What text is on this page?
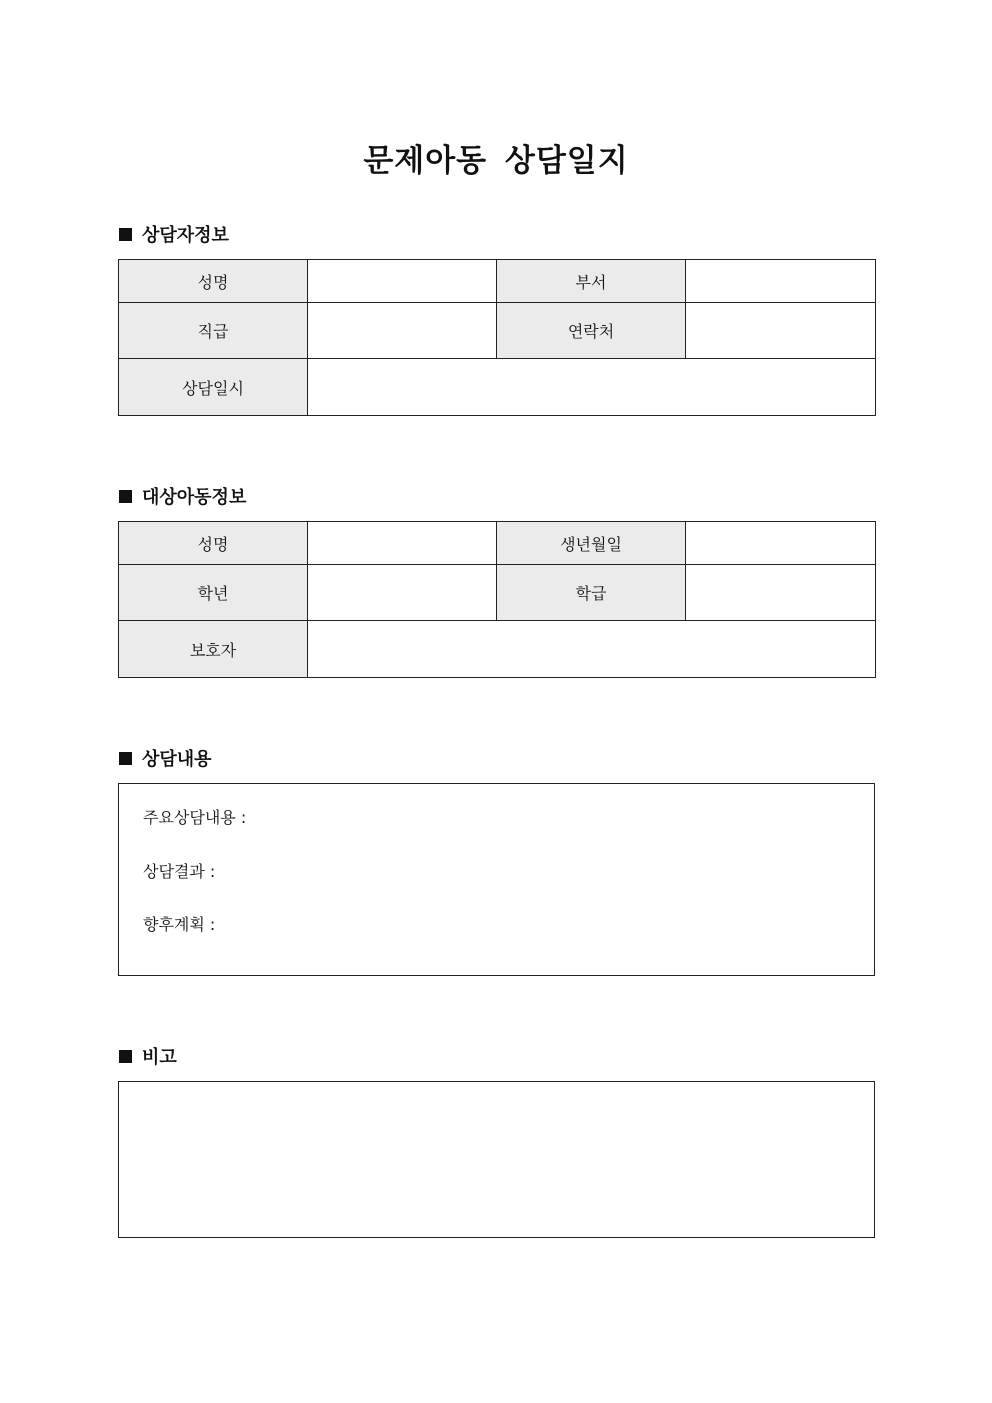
문제아동 상담일지
상담자정보
성명		부서	
직급		연락처	
상담일시			
대상아동정보
성명		생년월일	
학년		학급	
보호자			
상담내용
주요상담내용 :
상담결과 :
향후계획 :
비고
